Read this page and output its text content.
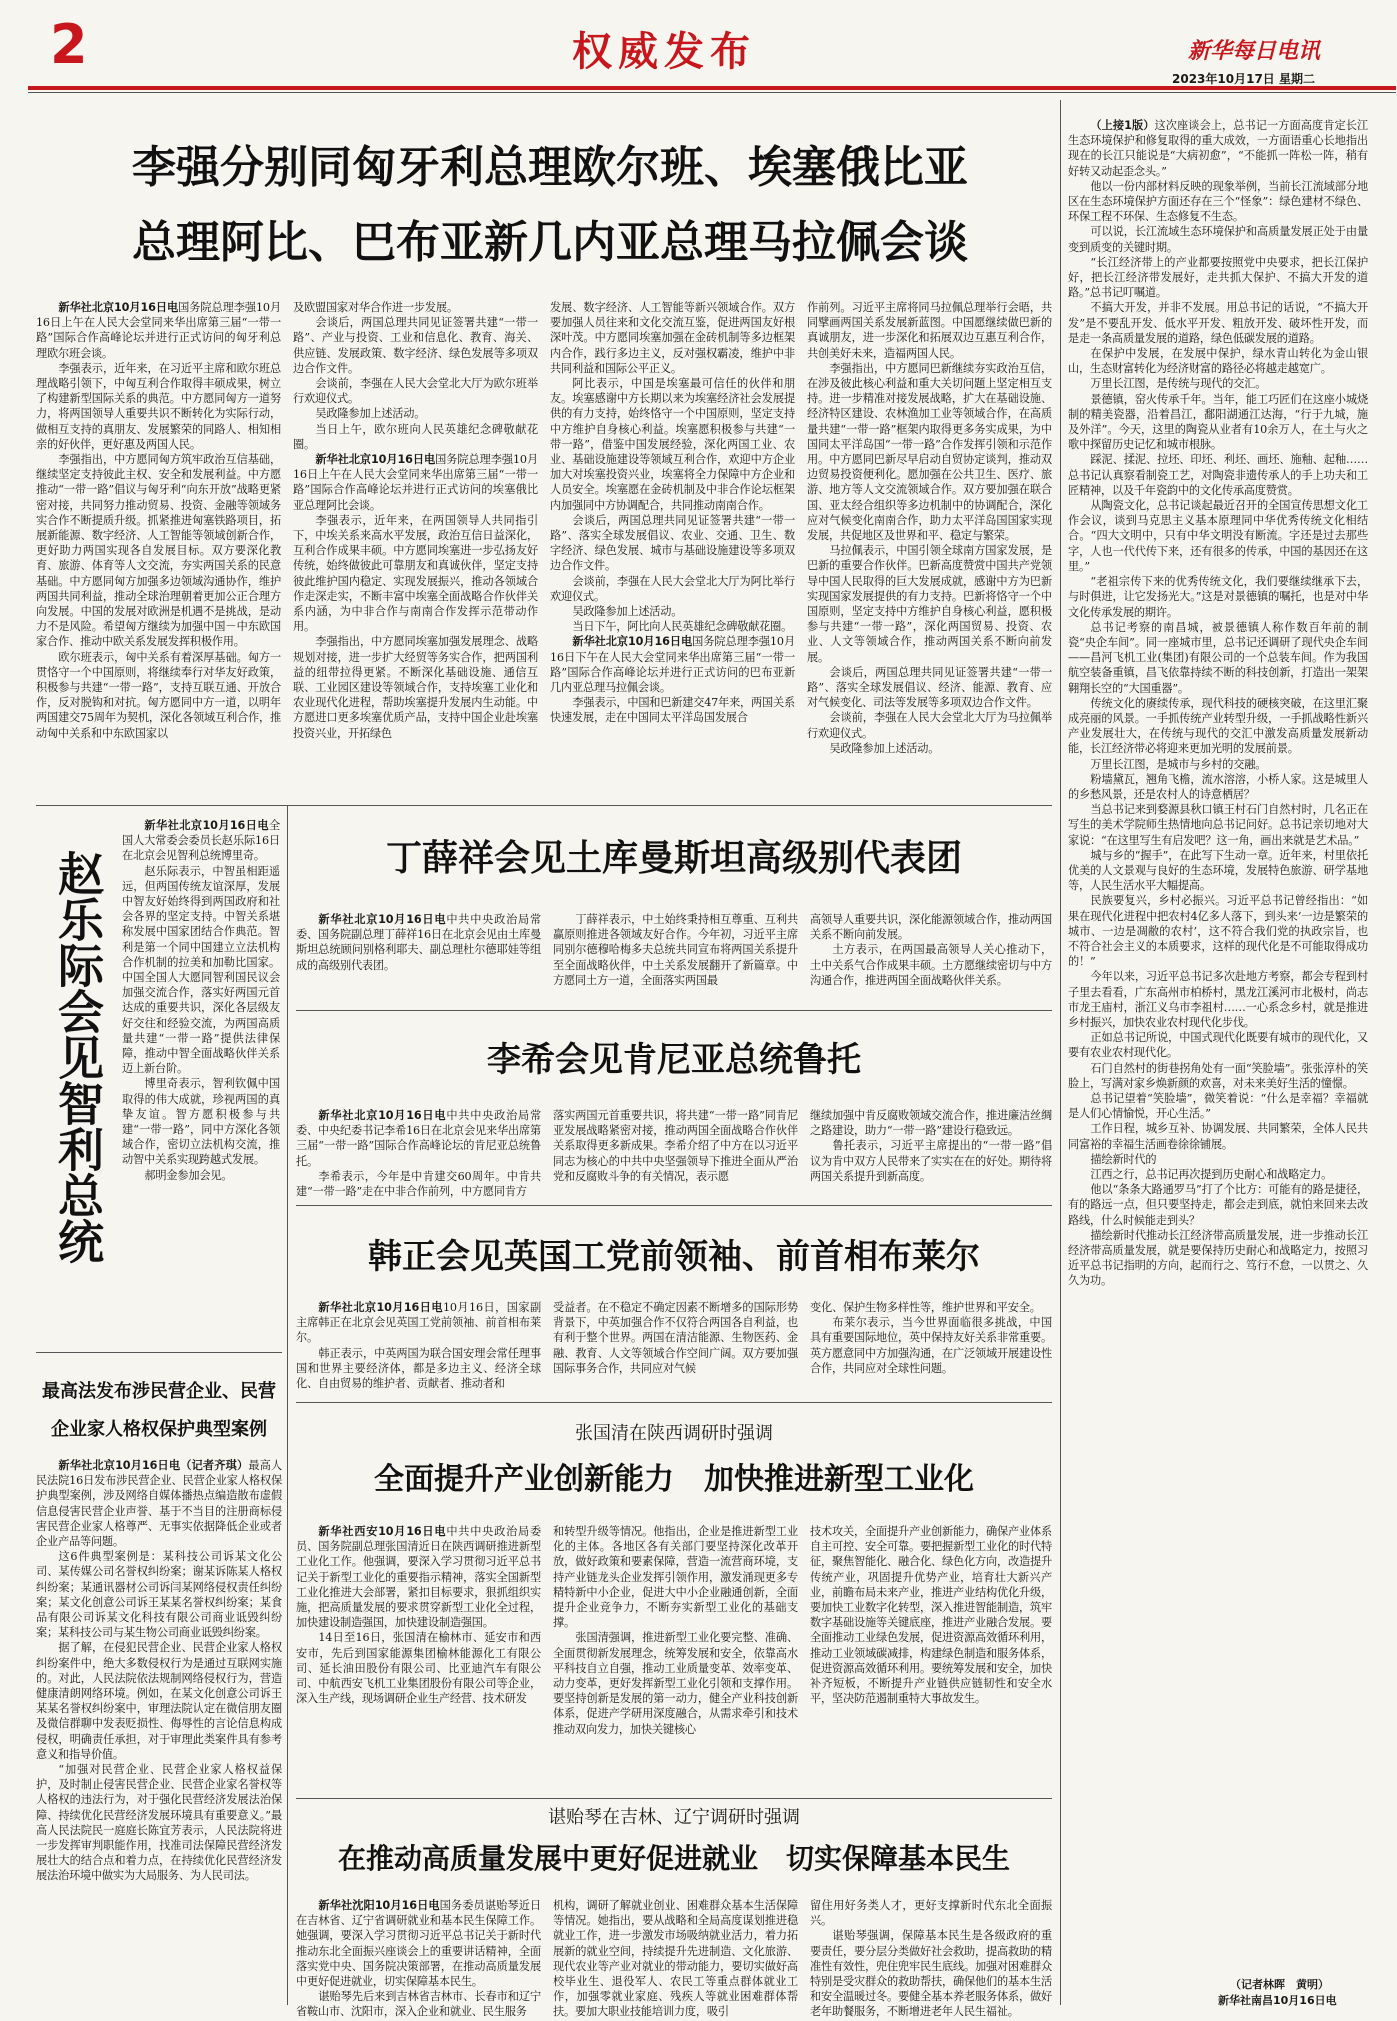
2	权威发布	新华每日电讯
2023年10月17日 星期二
李强分别同匈牙利总理欧尔班、埃塞俄比亚
总理阿比、巴布亚新几内亚总理马拉佩会谈

新华社北京10月16日电国务院总理李强10月16日上午在人民大会堂同来华出席第三届“一带一路”国际合作高峰论坛并进行正式访问的匈牙利总理欧尔班会谈。

李强表示，近年来，在习近平主席和欧尔班总理战略引领下，中匈互利合作取得丰硕成果，树立了构建新型国际关系的典范。中方愿同匈方一道努力，将两国领导人重要共识不断转化为实际行动，做相互支持的真朋友、发展繁荣的同路人、相知相亲的好伙伴，更好惠及两国人民。

李强指出，中方愿同匈方筑牢政治互信基础，继续坚定支持彼此主权、安全和发展利益。中方愿推动“一带一路”倡议与匈牙利“向东开放”战略更紧密对接，共同努力推动贸易、投资、金融等领域务实合作不断提质升级。抓紧推进匈塞铁路项目，拓展新能源、数字经济、人工智能等领域创新合作，更好助力两国实现各自发展目标。双方要深化教育、旅游、体育等人文交流，夯实两国关系的民意基础。中方愿同匈方加强多边领域沟通协作，维护两国共同利益，推动全球治理朝着更加公正合理方向发展。中国的发展对欧洲是机遇不是挑战，是动力不是风险。希望匈方继续为加强中国－中东欧国家合作、推动中欧关系发展发挥积极作用。

欧尔班表示，匈中关系有着深厚基础。匈方一贯恪守一个中国原则，将继续奉行对华友好政策，积极参与共建“一带一路”，支持互联互通、开放合作，反对脱钩和对抗。匈方愿同中方一道，以明年两国建交75周年为契机，深化各领域互利合作，推动匈中关系和中东欧国家以

及欧盟国家对华合作进一步发展。

会谈后，两国总理共同见证签署共建“一带一路”、产业与投资、工业和信息化、教育、海关、供应链、发展政策、数字经济、绿色发展等多项双边合作文件。

会谈前，李强在人民大会堂北大厅为欧尔班举行欢迎仪式。

吴政隆参加上述活动。

当日上午，欧尔班向人民英雄纪念碑敬献花圈。

新华社北京10月16日电国务院总理李强10月16日上午在人民大会堂同来华出席第三届“一带一路”国际合作高峰论坛并进行正式访问的埃塞俄比亚总理阿比会谈。

李强表示，近年来，在两国领导人共同指引下，中埃关系来高水平发展，政治互信日益深化，互利合作成果丰硕。中方愿同埃塞进一步弘扬友好传统，始终做彼此可靠朋友和真诚伙伴，坚定支持彼此维护国内稳定、实现发展振兴，推动各领域合作走深走实，不断丰富中埃塞全面战略合作伙伴关系内涵，为中非合作与南南合作发挥示范带动作用。

李强指出，中方愿同埃塞加强发展理念、战略规划对接，进一步扩大经贸等务实合作，把两国利益的纽带拉得更紧。不断深化基础设施、通信互联、工业园区建设等领域合作，支持埃塞工业化和农业现代化进程，帮助埃塞提升发展内生动能。中方愿进口更多埃塞优质产品，支持中国企业赴埃塞投资兴业，开拓绿色

发展、数字经济、人工智能等新兴领域合作。双方要加强人员往来和文化交流互鉴，促进两国友好根深叶茂。中方愿同埃塞加强在金砖机制等多边框架内合作，践行多边主义，反对强权霸凌，维护中非共同利益和国际公平正义。

阿比表示，中国是埃塞最可信任的伙伴和朋友。埃塞感谢中方长期以来为埃塞经济社会发展提供的有力支持，始终恪守一个中国原则，坚定支持中方维护自身核心利益。埃塞愿积极参与共建“一带一路”，借鉴中国发展经验，深化两国工业、农业、基础设施建设等领域互利合作，欢迎中方企业加大对埃塞投资兴业，埃塞将全力保障中方企业和人员安全。埃塞愿在金砖机制及中非合作论坛框架内加强同中方协调配合，共同推动南南合作。

会谈后，两国总理共同见证签署共建“一带一路”、落实全球发展倡议、农业、交通、卫生、数字经济、绿色发展、城市与基础设施建设等多项双边合作文件。

会谈前，李强在人民大会堂北大厅为阿比举行欢迎仪式。

吴政隆参加上述活动。

当日下午，阿比向人民英雄纪念碑敬献花圈。

新华社北京10月16日电国务院总理李强10月16日下午在人民大会堂同来华出席第三届“一带一路”国际合作高峰论坛并进行正式访问的巴布亚新几内亚总理马拉佩会谈。

李强表示，中国和巴新建交47年来，两国关系快速发展，走在中国同太平洋岛国发展合

作前列。习近平主席将同马拉佩总理举行会晤，共同擘画两国关系发展新蓝图。中国愿继续做巴新的真诚朋友，进一步深化和拓展双边互惠互利合作，共创美好未来，造福两国人民。

李强指出，中方愿同巴新继续夯实政治互信，在涉及彼此核心利益和重大关切问题上坚定相互支持。进一步精准对接发展战略，扩大在基础设施、经济特区建设、农林渔加工业等领域合作，在高质量共建“一带一路”框架内取得更多务实成果，为中国同太平洋岛国“一带一路”合作发挥引领和示范作用。中方愿同巴新尽早启动自贸协定谈判，推动双边贸易投资便利化。愿加强在公共卫生、医疗、旅游、地方等人文交流领域合作。双方要加强在联合国、亚太经合组织等多边机制中的协调配合，深化应对气候变化南南合作，助力太平洋岛国国家实现发展，共促地区及世界和平、稳定与繁荣。

马拉佩表示，中国引领全球南方国家发展，是巴新的重要合作伙伴。巴新高度赞赏中国共产党领导中国人民取得的巨大发展成就，感谢中方为巴新实现国家发展提供的有力支持。巴新将恪守一个中国原则，坚定支持中方维护自身核心利益，愿积极参与共建“一带一路”，深化两国贸易、投资、农业、人文等领域合作，推动两国关系不断向前发展。

会谈后，两国总理共同见证签署共建“一带一路”、落实全球发展倡议、经济、能源、教育、应对气候变化、司法等发展等多项双边合作文件。

会谈前，李强在人民大会堂北大厅为马拉佩举行欢迎仪式。

吴政隆参加上述活动。

赵乐际会见智利总统

新华社北京10月16日电全国人大常委会委员长赵乐际16日在北京会见智利总统博里奇。

赵乐际表示，中智虽相距遥远，但两国传统友谊深厚，发展中智友好始终得到两国政府和社会各界的坚定支持。中智关系堪称发展中国家团结合作典范。智利是第一个同中国建立立法机构合作机制的拉美和加勒比国家。中国全国人大愿同智利国民议会加强交流合作，落实好两国元首达成的重要共识，深化各层级友好交往和经验交流，为两国高质量共建“一带一路”提供法律保障，推动中智全面战略伙伴关系迈上新台阶。

博里奇表示，智利钦佩中国取得的伟大成就，珍视两国的真挚友谊。智方愿积极参与共建“一带一路”，同中方深化各领域合作，密切立法机构交流，推动智中关系实现跨越式发展。

郝明金参加会见。

最高法发布涉民营企业、民营
企业家人格权保护典型案例

新华社北京10月16日电（记者齐琪）最高人民法院16日发布涉民营企业、民营企业家人格权保护典型案例，涉及网络自媒体播热点编造散布虚假信息侵害民营企业声誉、基于不当目的注册商标侵害民营企业家人格尊严、无事实依据降低企业或者企业产品等问题。

这6件典型案例是：某科技公司诉某文化公司、某传媒公司名誉权纠纷案；谢某诉陈某人格权纠纷案；某通讯器材公司诉闫某网络侵权责任纠纷案；某文化创意公司诉王某某名誉权纠纷案；某食品有限公司诉某文化科技有限公司商业诋毁纠纷案；某科技公司与某生物公司商业诋毁纠纷案。

据了解，在侵犯民营企业、民营企业家人格权纠纷案件中，绝大多数侵权行为是通过互联网实施的。对此，人民法院依法规制网络侵权行为，营造健康清朗网络环境。例如，在某文化创意公司诉王某某名誉权纠纷案中，审理法院认定在微信朋友圈及微信群聊中发表贬损性、侮辱性的言论信息构成侵权，明确责任承担，对于审理此类案件具有参考意义和指导价值。

“加强对民营企业、民营企业家人格权益保护，及时制止侵害民营企业、民营企业家名誉权等人格权的违法行为，对于强化民营经济发展法治保障、持续优化民营经济发展环境具有重要意义。”最高人民法院民一庭庭长陈宜芳表示，人民法院将进一步发挥审判职能作用，找准司法保障民营经济发展壮大的结合点和着力点，在持续优化民营经济发展法治环境中做实为大局服务、为人民司法。

丁薛祥会见土库曼斯坦高级别代表团

新华社北京10月16日电中共中央政治局常委、国务院副总理丁薛祥16日在北京会见由土库曼斯坦总统顾问别格利耶夫、副总理杜尔德耶娃等组成的高级别代表团。

丁薛祥表示，中土始终秉持相互尊重、互利共赢原则推进各领域友好合作。今年初，习近平主席同别尔德穆哈梅多夫总统共同宣布将两国关系提升至全面战略伙伴，中土关系发展翻开了新篇章。中方愿同土方一道，全面落实两国最

高领导人重要共识，深化能源领域合作，推动两国关系不断向前发展。

土方表示，在两国最高领导人关心推动下，土中关系气合作成果丰硕。土方愿继续密切与中方沟通合作，推进两国全面战略伙伴关系。

李希会见肯尼亚总统鲁托

新华社北京10月16日电中共中央政治局常委、中央纪委书记李希16日在北京会见来华出席第三届“一带一路”国际合作高峰论坛的肯尼亚总统鲁托。

李希表示，今年是中肯建交60周年。中肯共建“一带一路”走在中非合作前列，中方愿同肯方

落实两国元首重要共识，将共建“一带一路”同肯尼亚发展战略紧密对接，推动两国全面战略合作伙伴关系取得更多新成果。李希介绍了中方在以习近平同志为核心的中共中央坚强领导下推进全面从严治党和反腐败斗争的有关情况，表示愿

继续加强中肯反腐败领域交流合作，推进廉洁丝绸之路建设，助力“一带一路”建设行稳致远。

鲁托表示，习近平主席提出的“一带一路”倡议为肯中双方人民带来了实实在在的好处。期待将两国关系提升到新高度。

韩正会见英国工党前领袖、前首相布莱尔

新华社北京10月16日电10月16日，国家副主席韩正在北京会见英国工党前领袖、前首相布莱尔。

韩正表示，中英两国为联合国安理会常任理事国和世界主要经济体，都是多边主义、经济全球化、自由贸易的维护者、贡献者、推动者和

受益者。在不稳定不确定因素不断增多的国际形势背景下，中英加强合作不仅符合两国各自利益，也有利于整个世界。两国在清洁能源、生物医药、金融、教育、人文等领域合作空间广阔。双方要加强国际事务合作，共同应对气候

变化、保护生物多样性等，维护世界和平安全。

布莱尔表示，当今世界面临很多挑战，中国具有重要国际地位，英中保持友好关系非常重要。英方愿意同中方加强沟通，在广泛领域开展建设性合作，共同应对全球性问题。

张国清在陕西调研时强调
全面提升产业创新能力　加快推进新型工业化

新华社西安10月16日电中共中央政治局委员、国务院副总理张国清近日在陕西调研推进新型工业化工作。他强调，要深入学习贯彻习近平总书记关于新型工业化的重要指示精神，落实全国新型工业化推进大会部署，紧扣目标要求，狠抓组织实施，把高质量发展的要求贯穿新型工业化全过程，加快建设制造强国，加快建设制造强国。

14日至16日，张国清在榆林市、延安市和西安市，先后到国家能源集团榆林能源化工有限公司、延长油田股份有限公司、比亚迪汽车有限公司、中航西安飞机工业集团股份有限公司等企业，深入生产线，现场调研企业生产经营、技术研发

和转型升级等情况。他指出，企业是推进新型工业化的主体。各地区各有关部门要坚持深化改革开放，做好政策和要素保障，营造一流营商环境，支持产业链龙头企业发挥引领作用，激发涌现更多专精特新中小企业，促进大中小企业融通创新，全面提升企业竞争力，不断夯实新型工业化的基础支撑。

张国清强调，推进新型工业化要完整、准确、全面贯彻新发展理念，统筹发展和安全，依靠高水平科技自立自强，推动工业质量变革、效率变革、动力变革，更好发挥新型工业化引领和支撑作用。要坚持创新是发展的第一动力，健全产业科技创新体系，促进产学研用深度融合，从需求牵引和技术推动双向发力，加快关键核心

技术攻关，全面提升产业创新能力，确保产业体系自主可控、安全可靠。要把握新型工业化的时代特征，聚焦智能化、融合化、绿色化方向，改造提升传统产业，巩固提升优势产业，培育壮大新兴产业，前瞻布局未来产业，推进产业结构优化升级，要加快工业数字化转型，深入推进智能制造，筑牢数字基础设施等关键底座，推进产业融合发展。要全面推动工业绿色发展，促进资源高效循环利用，推动工业领域碳减排，构建绿色制造和服务体系，促进资源高效循环利用。要统筹发展和安全，加快补齐短板，不断提升产业链供应链韧性和安全水平，坚决防范遏制重特大事故发生。

谌贻琴在吉林、辽宁调研时强调
在推动高质量发展中更好促进就业　切实保障基本民生

新华社沈阳10月16日电国务委员谌贻琴近日在吉林省、辽宁省调研就业和基本民生保障工作。她强调，要深入学习贯彻习近平总书记关于新时代推动东北全面振兴座谈会上的重要讲话精神，全面落实党中央、国务院决策部署，在推动高质量发展中更好促进就业，切实保障基本民生。

谌贻琴先后来到吉林省吉林市、长春市和辽宁省鞍山市、沈阳市，深入企业和就业、民生服务

机构，调研了解就业创业、困难群众基本生活保障等情况。她指出，要从战略和全局高度谋划推进稳就业工作，进一步激发市场吸纳就业活力，着力拓展新的就业空间，持续提升先进制造、文化旅游、现代农业等产业对就业的带动能力，要切实做好高校毕业生、退役军人、农民工等重点群体就业工作，加强零就业家庭、残疾人等就业困难群体帮扶。要加大职业技能培训力度，吸引

留住用好务类人才，更好支撑新时代东北全面振兴。

谌贻琴强调，保障基本民生是各级政府的重要责任，要分层分类做好社会救助，提高救助的精准性有效性，兜住兜牢民生底线。加强对困难群众特别是受灾群众的救助帮扶，确保他们的基本生活和安全温暖过冬。要健全基本养老服务体系，做好老年助餐服务，不断增进老年人民生福祉。

（上接1版）这次座谈会上，总书记一方面高度肯定长江生态环境保护和修复取得的重大成效，一方面语重心长地指出现在的长江只能说是“大病初愈”，“不能抓一阵松一阵，稍有好转又动起歪念头。”

他以一份内部材料反映的现象举例，当前长江流域部分地区在生态环境保护方面还存在三个“怪象”：绿色建材不绿色、环保工程不环保、生态修复不生态。

可以说，长江流域生态环境保护和高质量发展正处于由量变到质变的关键时期。

“长江经济带上的产业都要按照党中央要求，把长江保护好，把长江经济带发展好，走共抓大保护、不搞大开发的道路。”总书记叮嘱道。

不搞大开发，并非不发展。用总书记的话说，“不搞大开发”是不要乱开发、低水平开发、粗放开发、破坏性开发，而是走一条高质量发展的道路，绿色低碳发展的道路。

在保护中发展，在发展中保护，绿水青山转化为金山银山，生态财富转化为经济财富的路径必将越走越宽广。

万里长江图，是传统与现代的交汇。

景德镇，窑火传承千年。当年，能工巧匠们在这座小城烧制的精美瓷器，沿着昌江，鄱阳湖通江达海，“行于九城，施及外洋”。今天，这里的陶瓷从业者有10余万人，在土与火之歌中探留历史记忆和城市根脉。

踩泥、揉泥、拉坯、印坯、利坯、画坯、施釉、起釉……总书记认真察看制瓷工艺，对陶瓷非遗传承人的手上功夫和工匠精神，以及千年瓷韵中的文化传承高度赞赏。

从陶瓷文化，总书记谈起最近召开的全国宣传思想文化工作会议，谈到马克思主义基本原理同中华优秀传统文化相结合。“四大文明中，只有中华文明没有断流。字还是过去那些字，人也一代代传下来，还有很多的传承，中国的基因还在这里。”

“老祖宗传下来的优秀传统文化，我们要继续继承下去，与时俱进，让它发扬光大。”这是对景德镇的嘱托，也是对中华文化传承发展的期许。

总书记考察的南昌城，被景德镇人称作数百年前的制瓷“央企车间”。同一座城市里，总书记还调研了现代央企车间——昌河飞机工业(集团)有限公司的一个总装车间。作为我国航空装备重镇，昌飞依靠持续不断的科技创新，打造出一架架翱翔长空的“大国重器”。

传统文化的赓续传承，现代科技的硬核突破，在这里汇聚成亮丽的风景。一手抓传统产业转型升级，一手抓战略性新兴产业发展壮大，在传统与现代的交汇中激发高质量发展新动能，长江经济带必将迎来更加光明的发展前景。

万里长江图，是城市与乡村的交融。

粉墙黛瓦，翘角飞檐，流水溶溶，小桥人家。这是城里人的乡愁风景，还是农村人的诗意栖居？

当总书记来到婺源县秋口镇王村石门自然村时，几名正在写生的美术学院师生热情地向总书记问好。总书记亲切地对大家说：“在这里写生有启发吧？这一角，画出来就是艺术品。”

城与乡的“握手”，在此写下生动一章。近年来，村里依托优美的人文景观与良好的生态环境，发展特色旅游、研学基地等，人民生活水平大幅提高。

民族要复兴，乡村必振兴。习近平总书记曾经指出：“如果在现代化进程中把农村4亿多人落下，到头来‘一边是繁荣的城市、一边是凋敝的农村’，这不符合我们党的执政宗旨，也不符合社会主义的本质要求，这样的现代化是不可能取得成功的！”

今年以来，习近平总书记多次赴地方考察，都会专程到村子里去看看，广东高州市柏桥村，黑龙江溪河市北极村，尚志市龙王庙村，浙江义乌市李祖村……一心系念乡村，就是推进乡村振兴，加快农业农村现代化步伐。

正如总书记所说，中国式现代化既要有城市的现代化，又要有农业农村现代化。

石门自然村的街巷拐角处有一面“笑脸墙”。张张淳朴的笑脸上，写满对家乡焕新颜的欢喜，对未来美好生活的憧憬。

总书记望着“笑脸墙”，微笑着说：“什么是幸福？幸福就是人们心情愉悦，开心生活。”

工作日程，城乡互补、协调发展、共同繁荣，全体人民共同富裕的幸福生活画卷徐徐铺展。

描绘新时代的

江西之行，总书记再次提到历史耐心和战略定力。

他以“条条大路通罗马”打了个比方：可能有的路是捷径，有的路远一点，但只要坚持走，都会走到底，就怕来回来去改路线，什么时候能走到头？

描绘新时代推动长江经济带高质量发展，进一步推动长江经济带高质量发展，就是要保持历史耐心和战略定力，按照习近平总书记指明的方向，起而行之、笃行不怠，一以贯之、久久为功。

（记者林晖　黄明）
新华社南昌10月16日电
